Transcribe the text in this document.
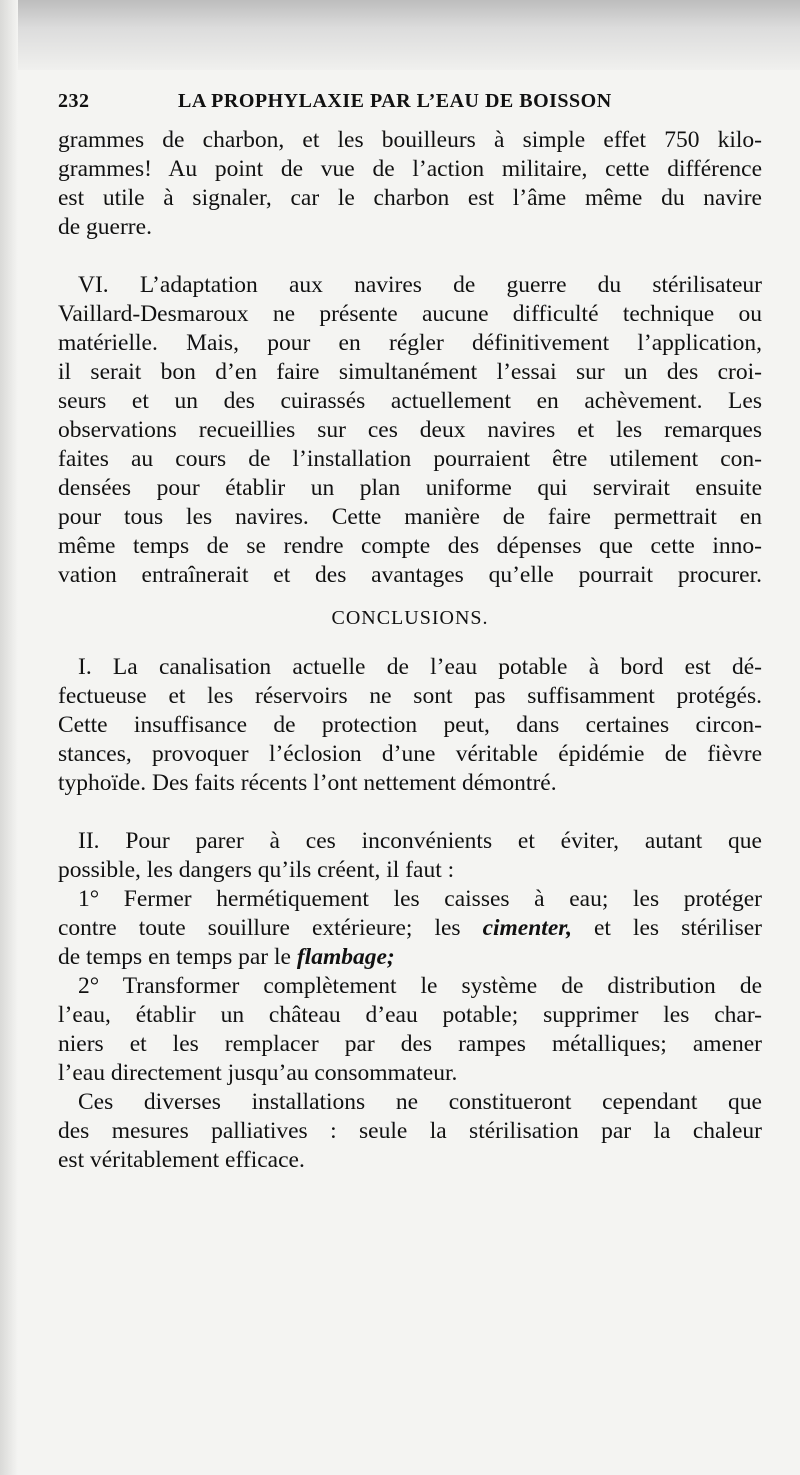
232	LA PROPHYLAXIE PAR L’EAU DE BOISSON
grammes de charbon, et les bouilleurs à simple effet 750 kilo-
grammes! Au point de vue de l’action militaire, cette différence
est utile à signaler, car le charbon est l’âme même du navire
de guerre.
VI. L’adaptation aux navires de guerre du stérilisateur
Vaillard-Desmaroux ne présente aucune difficulté technique ou
matérielle. Mais, pour en régler définitivement l’application,
il serait bon d’en faire simultanément l’essai sur un des croi-
seurs et un des cuirassés actuellement en achèvement. Les
observations recueillies sur ces deux navires et les remarques
faites au cours de l’installation pourraient être utilement con-
densées pour établir un plan uniforme qui servirait ensuite
pour tous les navires. Cette manière de faire permettrait en
même temps de se rendre compte des dépenses que cette inno-
vation entraînerait et des avantages qu’elle pourrait procurer.
CONCLUSIONS.
I. La canalisation actuelle de l’eau potable à bord est dé-
fectueuse et les réservoirs ne sont pas suffisamment protégés.
Cette insuffisance de protection peut, dans certaines circon-
stances, provoquer l’éclosion d’une véritable épidémie de fièvre
typhoïde. Des faits récents l’ont nettement démontré.
II. Pour parer à ces inconvénients et éviter, autant que
possible, les dangers qu’ils créent, il faut :
1° Fermer hermétiquement les caisses à eau; les protéger
contre toute souillure extérieure; les cimenter, et les stériliser
de temps en temps par le flambage;
2° Transformer complètement le système de distribution de
l’eau, établir un château d’eau potable; supprimer les char-
niers et les remplacer par des rampes métalliques; amener
l’eau directement jusqu’au consommateur.
Ces diverses installations ne constitueront cependant que
des mesures palliatives : seule la stérilisation par la chaleur
est véritablement efficace.
